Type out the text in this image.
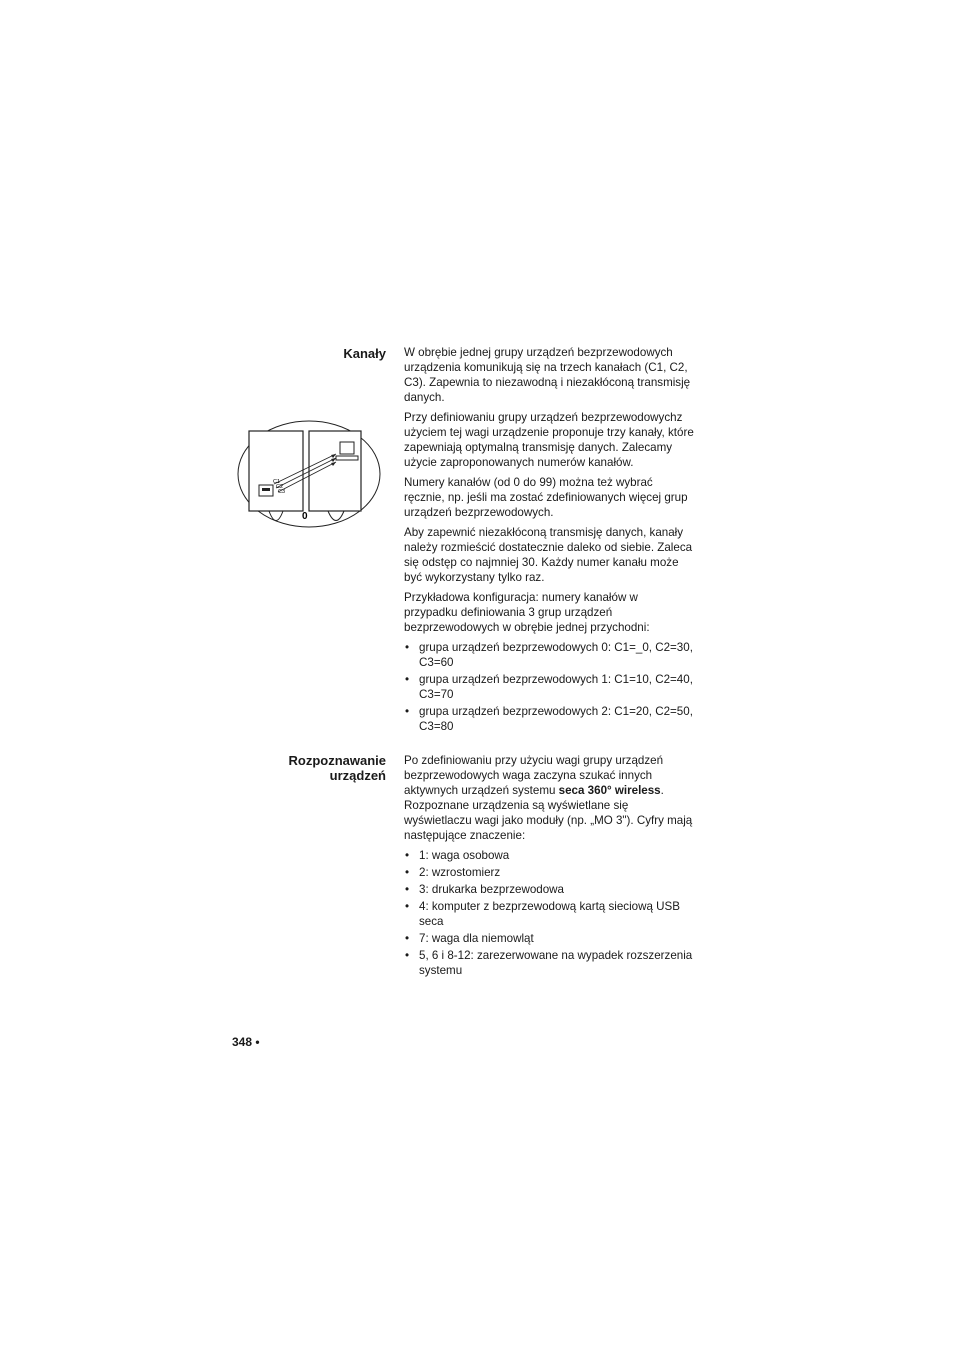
Kanały W obrębie jednej grupy urządzeń bezprzewodowych urządzenia komunikują się na trzech kanałach (C1, C2, C3). Zapewnia to niezawodną i niezakłóconą transmisję danych.

Przy definiowaniu grupy urządzeń bezprzewodowychz użyciem tej wagi urządzenie proponuje trzy kanały, które zapewniają optymalną transmisję danych. Zalecamy użycie zaproponowanych numerów kanałów.

Numery kanałów (od 0 do 99) można też wybrać ręcznie, np. jeśli ma zostać zdefiniowanych więcej grup urządzeń bezprzewodowych.

Aby zapewnić niezakłóconą transmisję danych, kanały należy rozmieścić dostatecznie daleko od siebie. Zaleca się odstęp co najmniej 30. Każdy numer kanału może być wykorzystany tylko raz.

Przykładowa konfiguracja: numery kanałów w przypadku definiowania 3 grup urządzeń bezprzewodowych w obrębie jednej przychodni:

• grupa urządzeń bezprzewodowych 0: C1=_0, C2=30, C3=60
• grupa urządzeń bezprzewodowych 1: C1=10, C2=40, C3=70
• grupa urządzeń bezprzewodowych 2: C1=20, C2=50, C3=80
C1
C2
C3
0
Rozpoznawanie
urządzeń

Po zdefiniowaniu przy użyciu wagi grupy urządzeń bezprzewodowych waga zaczyna szukać innych aktywnych urządzeń systemu seca 360° wireless. Rozpoznane urządzenia są wyświetlane się wyświetlaczu wagi jako moduły (np. „MO 3"). Cyfry mają następujące znaczenie:

• 1: waga osobowa
• 2: wzrostomierz
• 3: drukarka bezprzewodowa
• 4: komputer z bezprzewodową kartą sieciową USB seca
• 7: waga dla niemowląt
• 5, 6 i 8-12: zarezerwowane na wypadek rozszerzenia systemu
348 •
